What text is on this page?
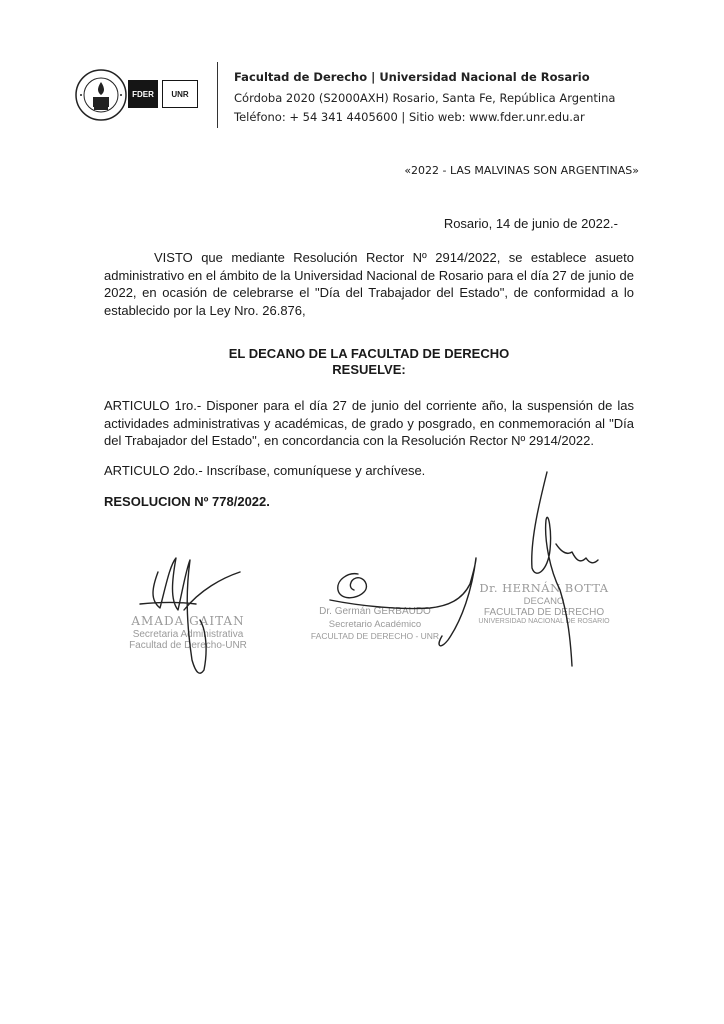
FDER	UNR
Facultad de Derecho | Universidad Nacional de Rosario
Córdoba 2020 (S2000AXH) Rosario, Santa Fe, República Argentina
Teléfono: + 54 341 4405600 | Sitio web: www.fder.unr.edu.ar
«2022 - LAS MALVINAS SON ARGENTINAS»
Rosario, 14 de junio de 2022.-
VISTO que mediante Resolución Rector Nº 2914/2022, se establece asueto administrativo en el ámbito de la Universidad Nacional de Rosario para el día 27 de junio de 2022, en ocasión de celebrarse el "Día del Trabajador del Estado", de conformidad a lo establecido por la Ley Nro. 26.876,
EL DECANO DE LA FACULTAD DE DERECHO
RESUELVE:
ARTICULO 1ro.- Disponer para el día 27 de junio del corriente año, la suspensión de las actividades administrativas y académicas, de grado y posgrado, en conmemoración al "Día del Trabajador del Estado", en concordancia con la Resolución Rector Nº 2914/2022.
ARTICULO 2do.- Inscríbase, comuníquese y archívese.
RESOLUCION Nº 778/2022.
AMADA GAITAN
Secretaria Administrativa
Facultad de Derecho-UNR
Dr. Germán GERBAUDO
Secretario Académico
FACULTAD DE DERECHO - UNR
Dr. HERNÁN BOTTA
DECANO
FACULTAD DE DERECHO
UNIVERSIDAD NACIONAL DE ROSARIO
